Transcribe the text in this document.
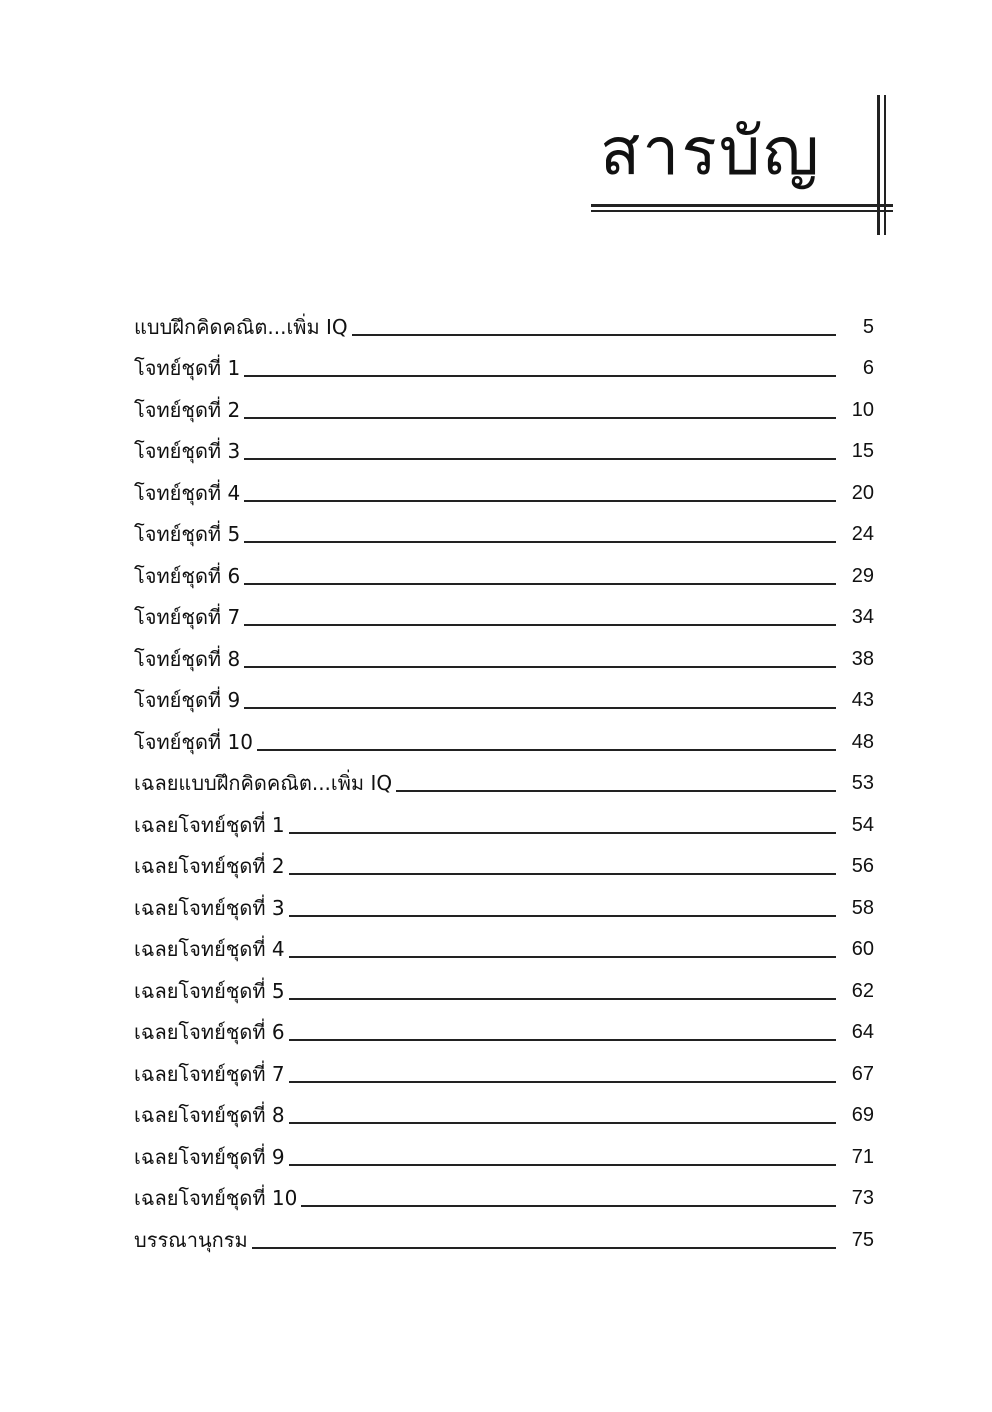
สารบัญ
แบบฝึกคิดคณิต...เพิ่ม IQ	5
โจทย์ชุดที่ 1	6
โจทย์ชุดที่ 2	10
โจทย์ชุดที่ 3	15
โจทย์ชุดที่ 4	20
โจทย์ชุดที่ 5	24
โจทย์ชุดที่ 6	29
โจทย์ชุดที่ 7	34
โจทย์ชุดที่ 8	38
โจทย์ชุดที่ 9	43
โจทย์ชุดที่ 10	48
เฉลยแบบฝึกคิดคณิต...เพิ่ม IQ	53
เฉลยโจทย์ชุดที่ 1	54
เฉลยโจทย์ชุดที่ 2	56
เฉลยโจทย์ชุดที่ 3	58
เฉลยโจทย์ชุดที่ 4	60
เฉลยโจทย์ชุดที่ 5	62
เฉลยโจทย์ชุดที่ 6	64
เฉลยโจทย์ชุดที่ 7	67
เฉลยโจทย์ชุดที่ 8	69
เฉลยโจทย์ชุดที่ 9	71
เฉลยโจทย์ชุดที่ 10	73
บรรณานุกรม	75
